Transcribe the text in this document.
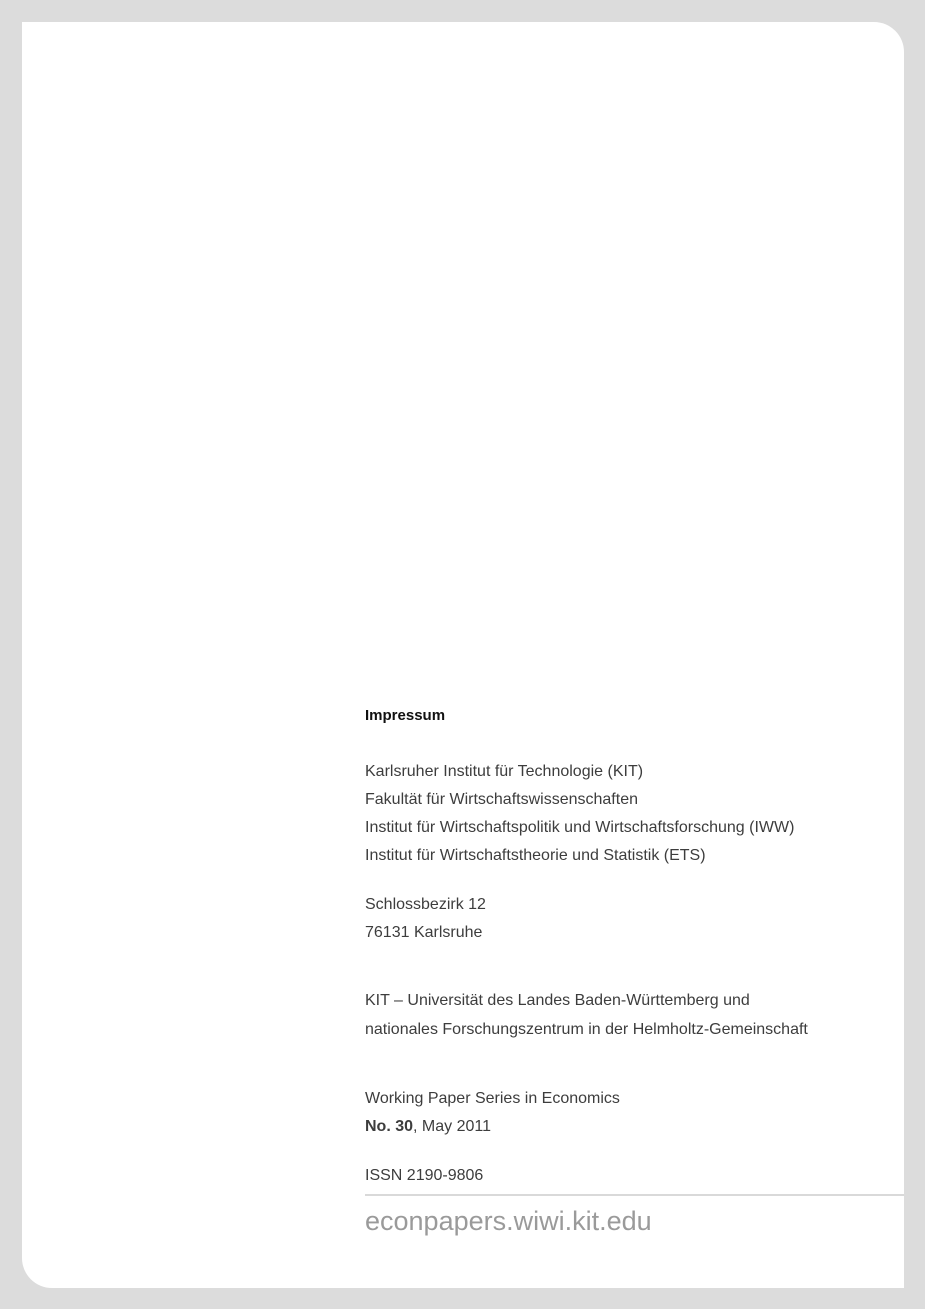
Impressum
Karlsruher Institut für Technologie (KIT)
Fakultät für Wirtschaftswissenschaften
Institut für Wirtschaftspolitik und Wirtschaftsforschung (IWW)
Institut für Wirtschaftstheorie und Statistik (ETS)
Schlossbezirk 12
76131 Karlsruhe
KIT – Universität des Landes Baden-Württemberg und
nationales Forschungszentrum in der Helmholtz-Gemeinschaft
Working Paper Series in Economics
No. 30, May 2011
ISSN 2190-9806
econpapers.wiwi.kit.edu
